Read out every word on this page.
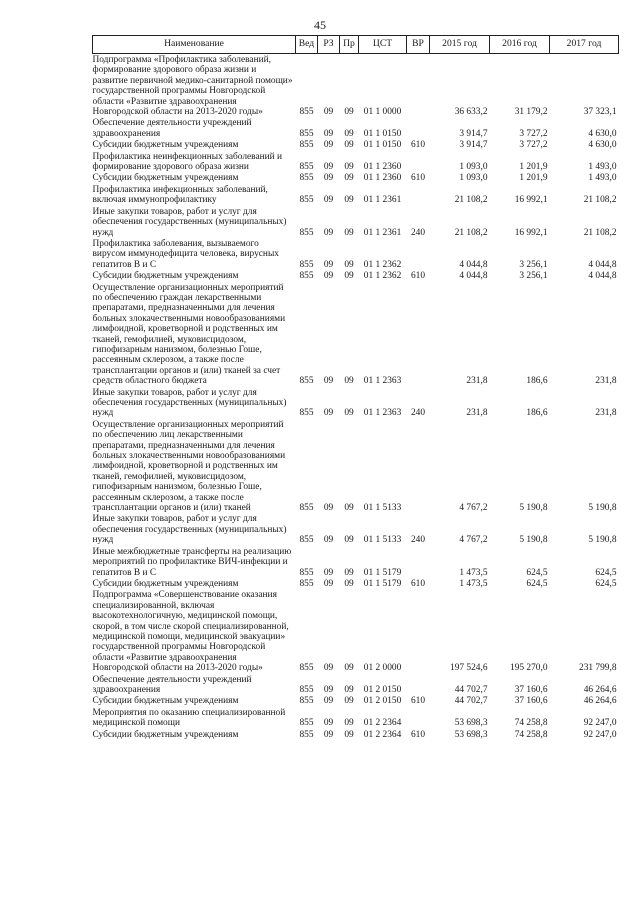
45
Наименование	Вед	РЗ	Пр	ЦСТ	ВР	2015 год	2016 год	2017 год
Подпрограмма «Профилактика заболеваний, формирование здорового образа жизни и развитие первичной медико-санитарной помощи» государственной программы Новгородской области «Развитие здравоохранения Новгородской области на 2013-2020 годы»	855	09	09	01 1 0000		36 633,2	31 179,2	37 323,1
Обеспечение деятельности учреждений здравоохранения	855	09	09	01 1 0150		3 914,7	3 727,2	4 630,0
Субсидии бюджетным учреждениям	855	09	09	01 1 0150	610	3 914,7	3 727,2	4 630,0
Профилактика неинфекционных заболеваний и формирование здорового образа жизни	855	09	09	01 1 2360		1 093,0	1 201,9	1 493,0
Субсидии бюджетным учреждениям	855	09	09	01 1 2360	610	1 093,0	1 201,9	1 493,0
Профилактика инфекционных заболеваний, включая иммунопрофилактику	855	09	09	01 1 2361		21 108,2	16 992,1	21 108,2
Иные закупки товаров, работ и услуг для обеспечения государственных (муниципальных) нужд	855	09	09	01 1 2361	240	21 108,2	16 992,1	21 108,2
Профилактика заболевания, вызываемого вирусом иммунодефицита человека, вирусных гепатитов В и С	855	09	09	01 1 2362		4 044,8	3 256,1	4 044,8
Субсидии бюджетным учреждениям	855	09	09	01 1 2362	610	4 044,8	3 256,1	4 044,8
Осуществление организационных мероприятий по обеспечению граждан лекарственными препаратами, предназначенными для лечения больных злокачественными новообразованиями лимфоидной, кроветворной и родственных им тканей, гемофилией, муковисцидозом, гипофизарным нанизмом, болезнью Гоше, рассеянным склерозом, а также после трансплантации органов и (или) тканей за счет средств областного бюджета	855	09	09	01 1 2363		231,8	186,6	231,8
Иные закупки товаров, работ и услуг для обеспечения государственных (муниципальных) нужд	855	09	09	01 1 2363	240	231,8	186,6	231,8
Осуществление организационных мероприятий по обеспечению лиц лекарственными препаратами, предназначенными для лечения больных злокачественными новообразованиями лимфоидной, кроветворной и родственных им тканей, гемофилией, муковисцидозом, гипофизарным нанизмом, болезнью Гоше, рассеянным склерозом, а также после трансплантации органов и (или) тканей	855	09	09	01 1 5133		4 767,2	5 190,8	5 190,8
Иные закупки товаров, работ и услуг для обеспечения государственных (муниципальных) нужд	855	09	09	01 1 5133	240	4 767,2	5 190,8	5 190,8
Иные межбюджетные трансферты на реализацию мероприятий по профилактике ВИЧ-инфекции и гепатитов В и С	855	09	09	01 1 5179		1 473,5	624,5	624,5
Субсидии бюджетным учреждениям	855	09	09	01 1 5179	610	1 473,5	624,5	624,5
Подпрограмма «Совершенствование оказания специализированной, включая высокотехнологичную, медицинской помощи, скорой, в том числе скорой специализированной, медицинской помощи, медицинской эвакуации» государственной программы Новгородской области «Развитие здравоохранения Новгородской области на 2013-2020 годы»	855	09	09	01 2 0000		197 524,6	195 270,0	231 799,8
Обеспечение деятельности учреждений здравоохранения	855	09	09	01 2 0150		44 702,7	37 160,6	46 264,6
Субсидии бюджетным учреждениям	855	09	09	01 2 0150	610	44 702,7	37 160,6	46 264,6
Мероприятия по оказанию специализированной медицинской помощи	855	09	09	01 2 2364		53 698,3	74 258,8	92 247,0
Субсидии бюджетным учреждениям	855	09	09	01 2 2364	610	53 698,3	74 258,8	92 247,0
